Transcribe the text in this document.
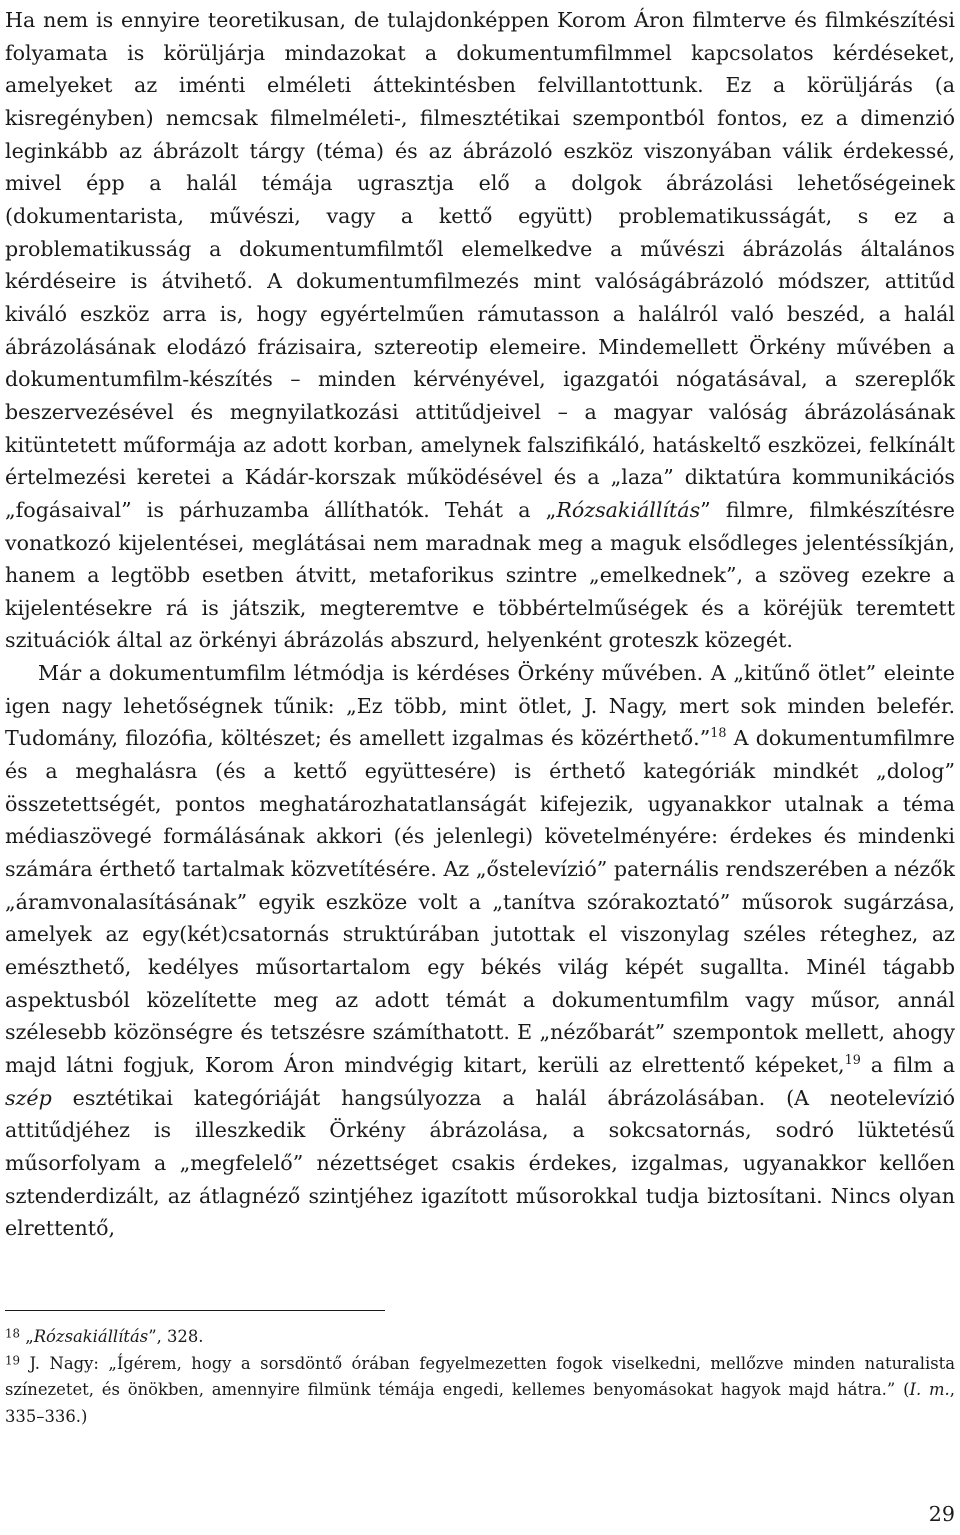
Ha nem is ennyire teoretikusan, de tulajdonképpen Korom Áron filmterve és filmkészítési folyamata is körüljárja mindazokat a dokumentumfilmmel kapcsolatos kérdéseket, amelyeket az iménti elméleti áttekintésben felvillantottunk. Ez a körüljárás (a kisregényben) nemcsak filmelméleti-, filmesztétikai szempontból fontos, ez a dimenzió leginkább az ábrázolt tárgy (téma) és az ábrázoló eszköz viszonyában válik érdekessé, mivel épp a halál témája ugrasztja elő a dolgok ábrázolási lehetőségeinek (dokumentarista, művészi, vagy a kettő együtt) problematikusságát, s ez a problematikusság a dokumentumfilmtől elemelkedve a művészi ábrázolás általános kérdéseire is átvihető. A dokumentumfilmezés mint valóságábrázoló módszer, attitűd kiváló eszköz arra is, hogy egyértelműen rámutasson a halálról való beszéd, a halál ábrázolásának elodázó frázisaira, sztereotip elemeire. Mindemellett Örkény művében a dokumentumfilm-készítés – minden kérvényével, igazgatói nógatásával, a szereplők beszervezésével és megnyilatkozási attitűdjeivel – a magyar valóság ábrázolásának kitüntetett műformája az adott korban, amelynek falszifikáló, hatáskeltő eszközei, felkínált értelmezési keretei a Kádár-korszak működésével és a „laza” diktatúra kommunikációs „fogásaival” is párhuzamba állíthatók. Tehát a „Rózsakiállítás” filmre, filmkészítésre vonatkozó kijelentései, meglátásai nem maradnak meg a maguk elsődleges jelentéssíkján, hanem a legtöbb esetben átvitt, metaforikus szintre „emelkednek”, a szöveg ezekre a kijelentésekre rá is játszik, megteremtve e többértelműségek és a köréjük teremtett szituációk által az örkényi ábrázolás abszurd, helyenként groteszk közegét.

Már a dokumentumfilm létmódja is kérdéses Örkény művében. A „kitűnő ötlet” eleinte igen nagy lehetőségnek tűnik: „Ez több, mint ötlet, J. Nagy, mert sok minden belefér. Tudomány, filozófia, költészet; és amellett izgalmas és közérthető.”$^{18}$ A dokumentumfilmre és a meghalásra (és a kettő együttesére) is érthető kategóriák mindkét „dolog” összetettségét, pontos meghatározhatatlanságát kifejezik, ugyanakkor utalnak a téma médiaszövegé formálásának akkori (és jelenlegi) követelményére: érdekes és mindenki számára érthető tartalmak közvetítésére. Az „őstelevízió” paternális rendszerében a nézők „áramvonalasításának” egyik eszköze volt a „tanítva szórakoztató” műsorok sugárzása, amelyek az egy(két)csatornás struktúrában jutottak el viszonylag széles réteghez, az emészthető, kedélyes műsortartalom egy békés világ képét sugallta. Minél tágabb aspektusból közelítette meg az adott témát a dokumentumfilm vagy műsor, annál szélesebb közönségre és tetszésre számíthatott. E „nézőbarát” szempontok mellett, ahogy majd látni fogjuk, Korom Áron mindvégig kitart, kerüli az elrettentő képeket,$^{19}$ a film a szép esztétikai kategóriáját hangsúlyozza a halál ábrázolásában. (A neotelevízió attitűdjéhez is illeszkedik Örkény ábrázolása, a sokcsatornás, sodró lüktetésű műsorfolyam a „megfelelő” nézettséget csakis érdekes, izgalmas, ugyanakkor kellően sztenderdizált, az átlagnéző szintjéhez igazított műsorokkal tudja biztosítani. Nincs olyan elrettentő,

$^{18}$ „Rózsakiállítás”, 328.

$^{19}$ J. Nagy: „Ígérem, hogy a sorsdöntő órában fegyelmezetten fogok viselkedni, mellőzve minden naturalista színezetet, és önökben, amennyire filmünk témája engedi, kellemes benyomásokat hagyok majd hátra.” (I. m., 335–336.)

29
